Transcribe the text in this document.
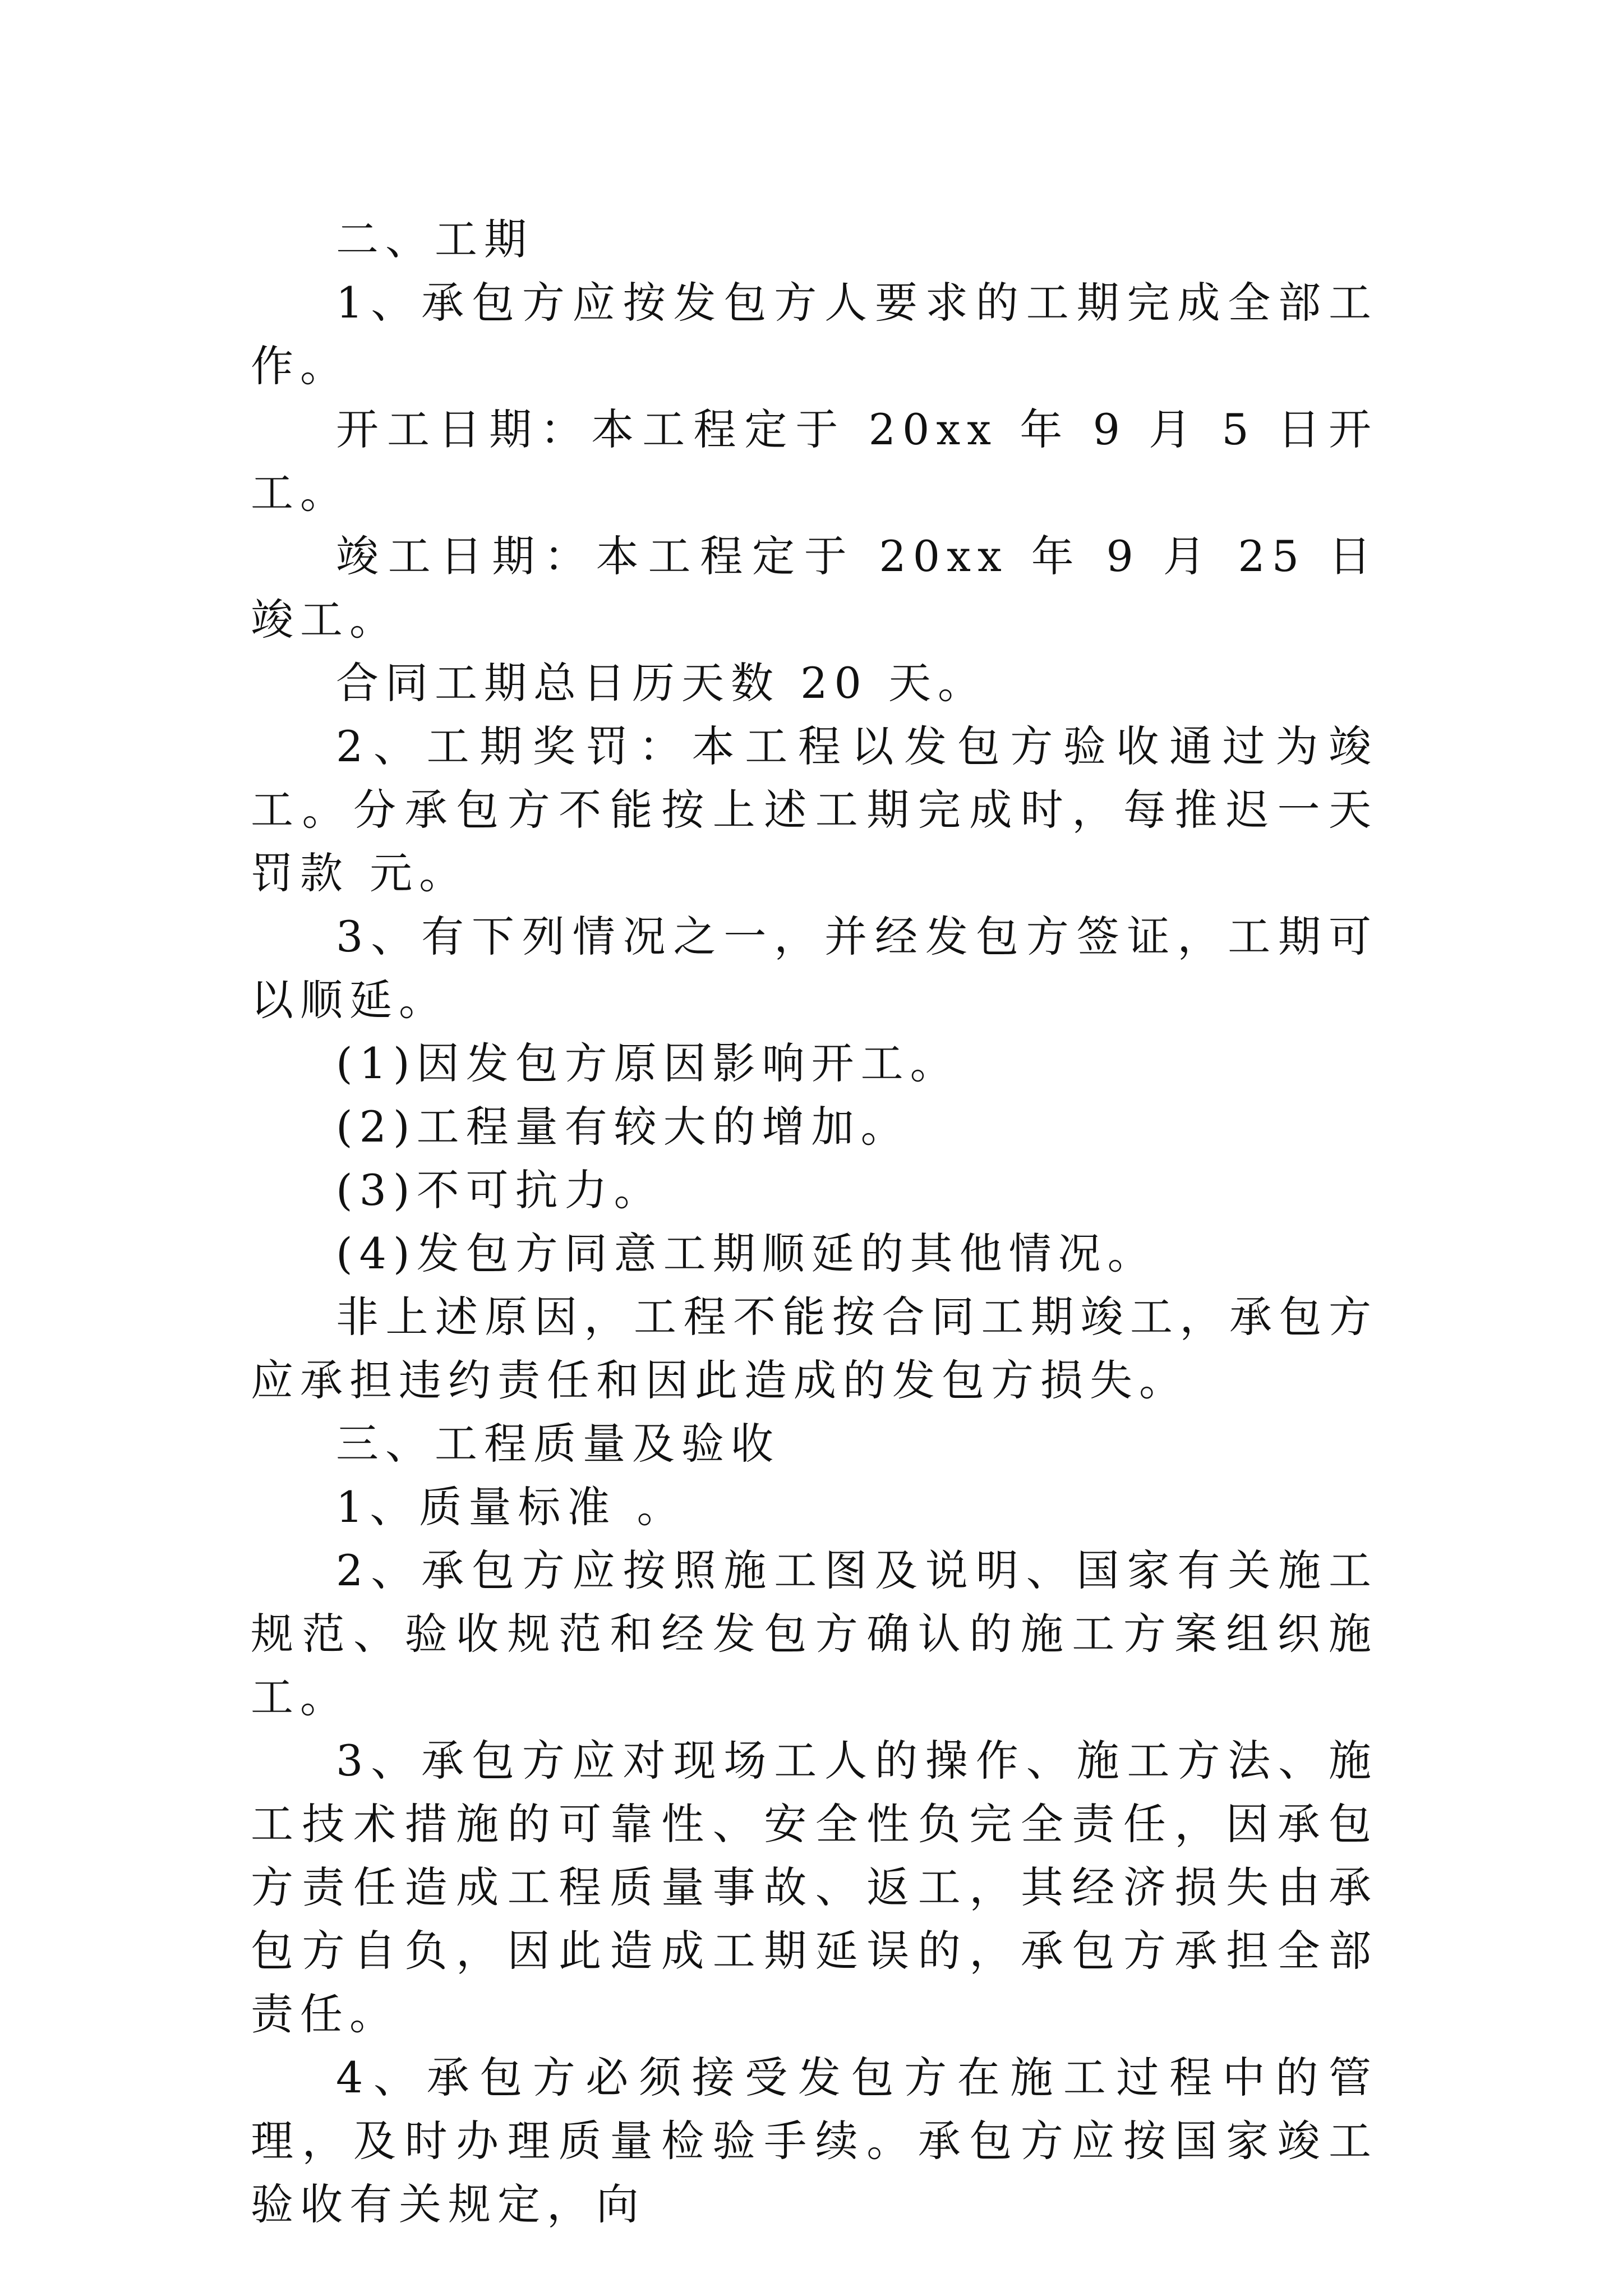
二、工期

1、承包方应按发包方人要求的工期完成全部工作。

开工日期：本工程定于 20xx 年 9 月 5 日开工。

竣工日期：本工程定于 20xx 年 9 月 25 日竣工。

合同工期总日历天数 20 天。

2、工期奖罚：本工程以发包方验收通过为竣工。分承包方不能按上述工期完成时，每推迟一天罚款 元。

3、有下列情况之一，并经发包方签证，工期可以顺延。

(1)因发包方原因影响开工。

(2)工程量有较大的增加。

(3)不可抗力。

(4)发包方同意工期顺延的其他情况。

非上述原因，工程不能按合同工期竣工，承包方应承担违约责任和因此造成的发包方损失。

三、工程质量及验收

1、质量标准 。

2、承包方应按照施工图及说明、国家有关施工规范、验收规范和经发包方确认的施工方案组织施工。

3、承包方应对现场工人的操作、施工方法、施工技术措施的可靠性、安全性负完全责任，因承包方责任造成工程质量事故、返工，其经济损失由承包方自负，因此造成工期延误的，承包方承担全部责任。

4、承包方必须接受发包方在施工过程中的管理，及时办理质量检验手续。承包方应按国家竣工验收有关规定，向
